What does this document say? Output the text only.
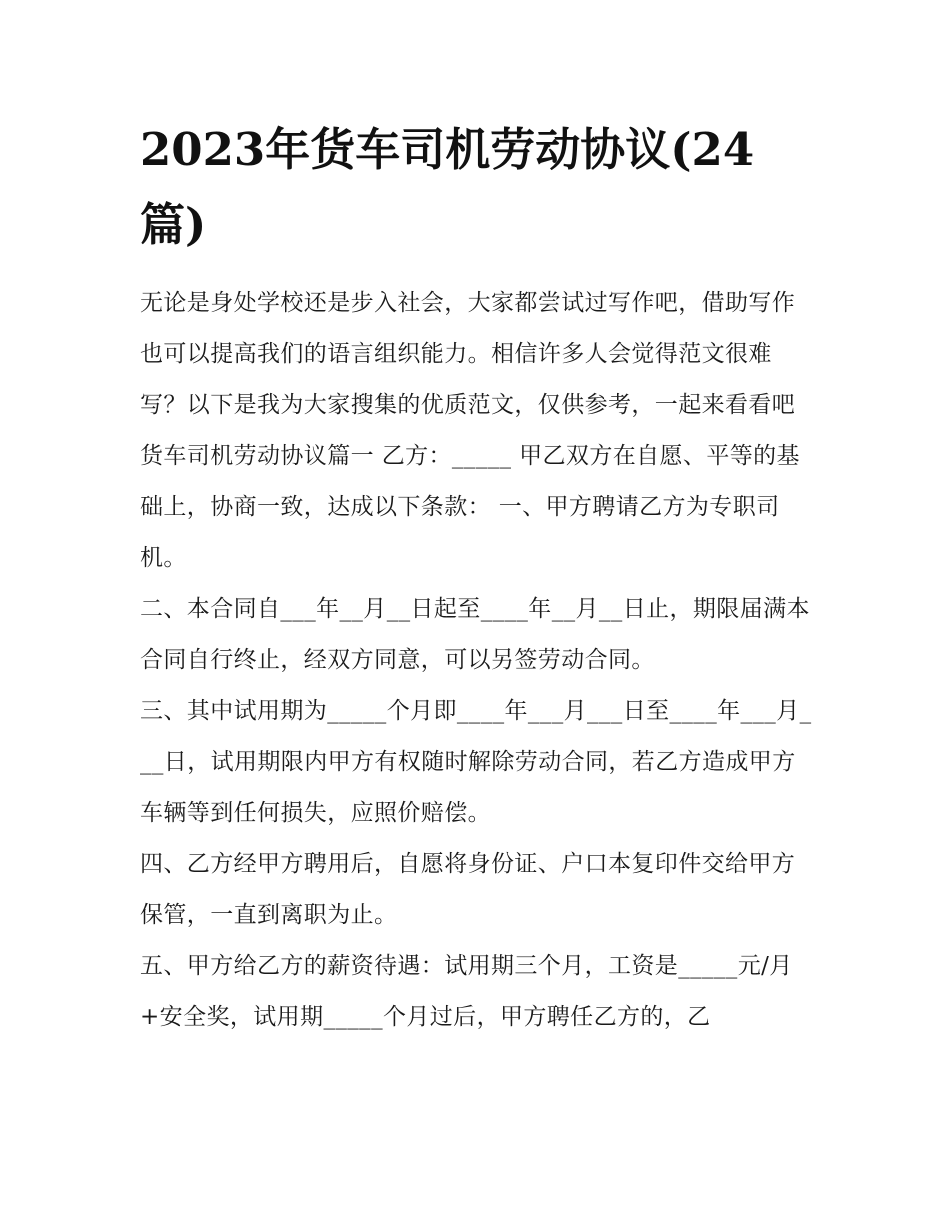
2023年货车司机劳动协议(24篇)

无论是身处学校还是步入社会，大家都尝试过写作吧，借助写作也可以提高我们的语言组织能力。相信许多人会觉得范文很难写？以下是我为大家搜集的优质范文，仅供参考，一起来看看吧

货车司机劳动协议篇一 乙方：_____ 甲乙双方在自愿、平等的基础上，协商一致，达成以下条款： 一、甲方聘请乙方为专职司机。

二、本合同自___年__月__日起至____年__月__日止，期限届满本合同自行终止，经双方同意，可以另签劳动合同。

三、其中试用期为_____个月即____年___月___日至____年___月___日，试用期限内甲方有权随时解除劳动合同，若乙方造成甲方车辆等到任何损失，应照价赔偿。

四、乙方经甲方聘用后，自愿将身份证、户口本复印件交给甲方保管，一直到离职为止。

五、甲方给乙方的薪资待遇：试用期三个月，工资是_____元/月+安全奖，试用期_____个月过后，甲方聘任乙方的，乙
